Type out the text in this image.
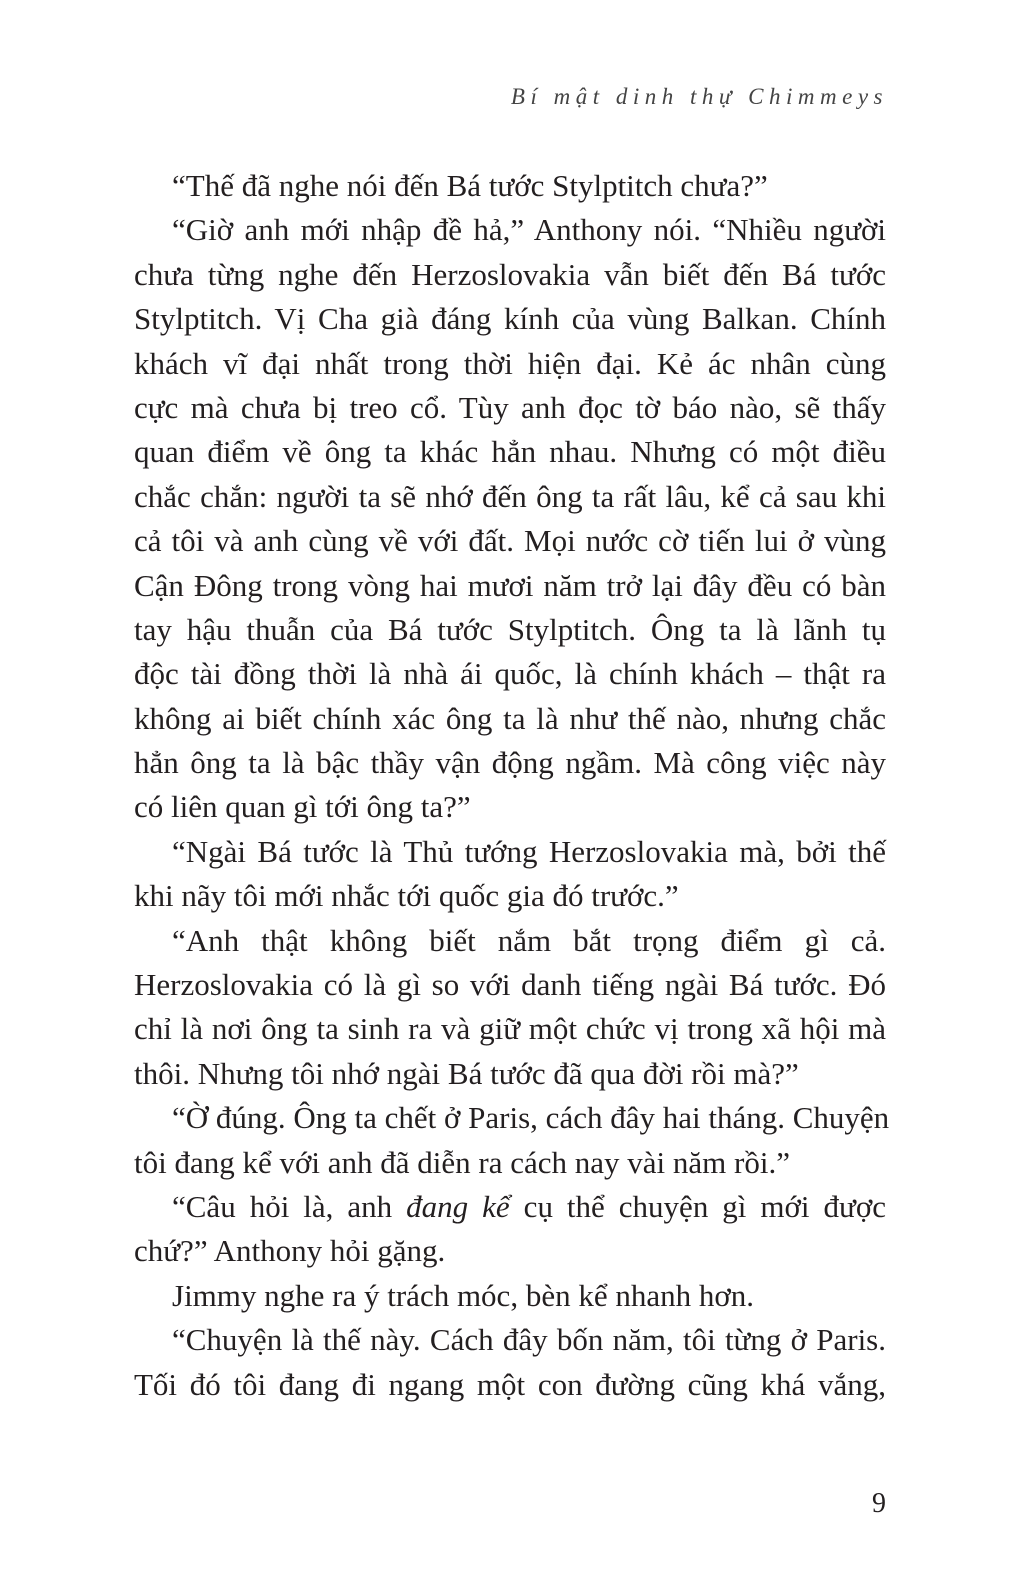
Bí mật dinh thự Chimmeys
“Thế đã nghe nói đến Bá tước Stylptitch chưa?”
“Giờ anh mới nhập đề hả,” Anthony nói. “Nhiều người
chưa từng nghe đến Herzoslovakia vẫn biết đến Bá tước
Stylptitch. Vị Cha già đáng kính của vùng Balkan. Chính
khách vĩ đại nhất trong thời hiện đại. Kẻ ác nhân cùng
cực mà chưa bị treo cổ. Tùy anh đọc tờ báo nào, sẽ thấy
quan điểm về ông ta khác hẳn nhau. Nhưng có một điều
chắc chắn: người ta sẽ nhớ đến ông ta rất lâu, kể cả sau khi
cả tôi và anh cùng về với đất. Mọi nước cờ tiến lui ở vùng
Cận Đông trong vòng hai mươi năm trở lại đây đều có bàn
tay hậu thuẫn của Bá tước Stylptitch. Ông ta là lãnh tụ
độc tài đồng thời là nhà ái quốc, là chính khách – thật ra
không ai biết chính xác ông ta là như thế nào, nhưng chắc
hẳn ông ta là bậc thầy vận động ngầm. Mà công việc này
có liên quan gì tới ông ta?”
“Ngài Bá tước là Thủ tướng Herzoslovakia mà, bởi thế
khi nãy tôi mới nhắc tới quốc gia đó trước.”
“Anh thật không biết nắm bắt trọng điểm gì cả.
Herzoslovakia có là gì so với danh tiếng ngài Bá tước. Đó
chỉ là nơi ông ta sinh ra và giữ một chức vị trong xã hội mà
thôi. Nhưng tôi nhớ ngài Bá tước đã qua đời rồi mà?”
“Ờ đúng. Ông ta chết ở Paris, cách đây hai tháng. Chuyện
tôi đang kể với anh đã diễn ra cách nay vài năm rồi.”
“Câu hỏi là, anh đang kể cụ thể chuyện gì mới được
chứ?” Anthony hỏi gặng.
Jimmy nghe ra ý trách móc, bèn kể nhanh hơn.
“Chuyện là thế này. Cách đây bốn năm, tôi từng ở Paris.
Tối đó tôi đang đi ngang một con đường cũng khá vắng,
9
